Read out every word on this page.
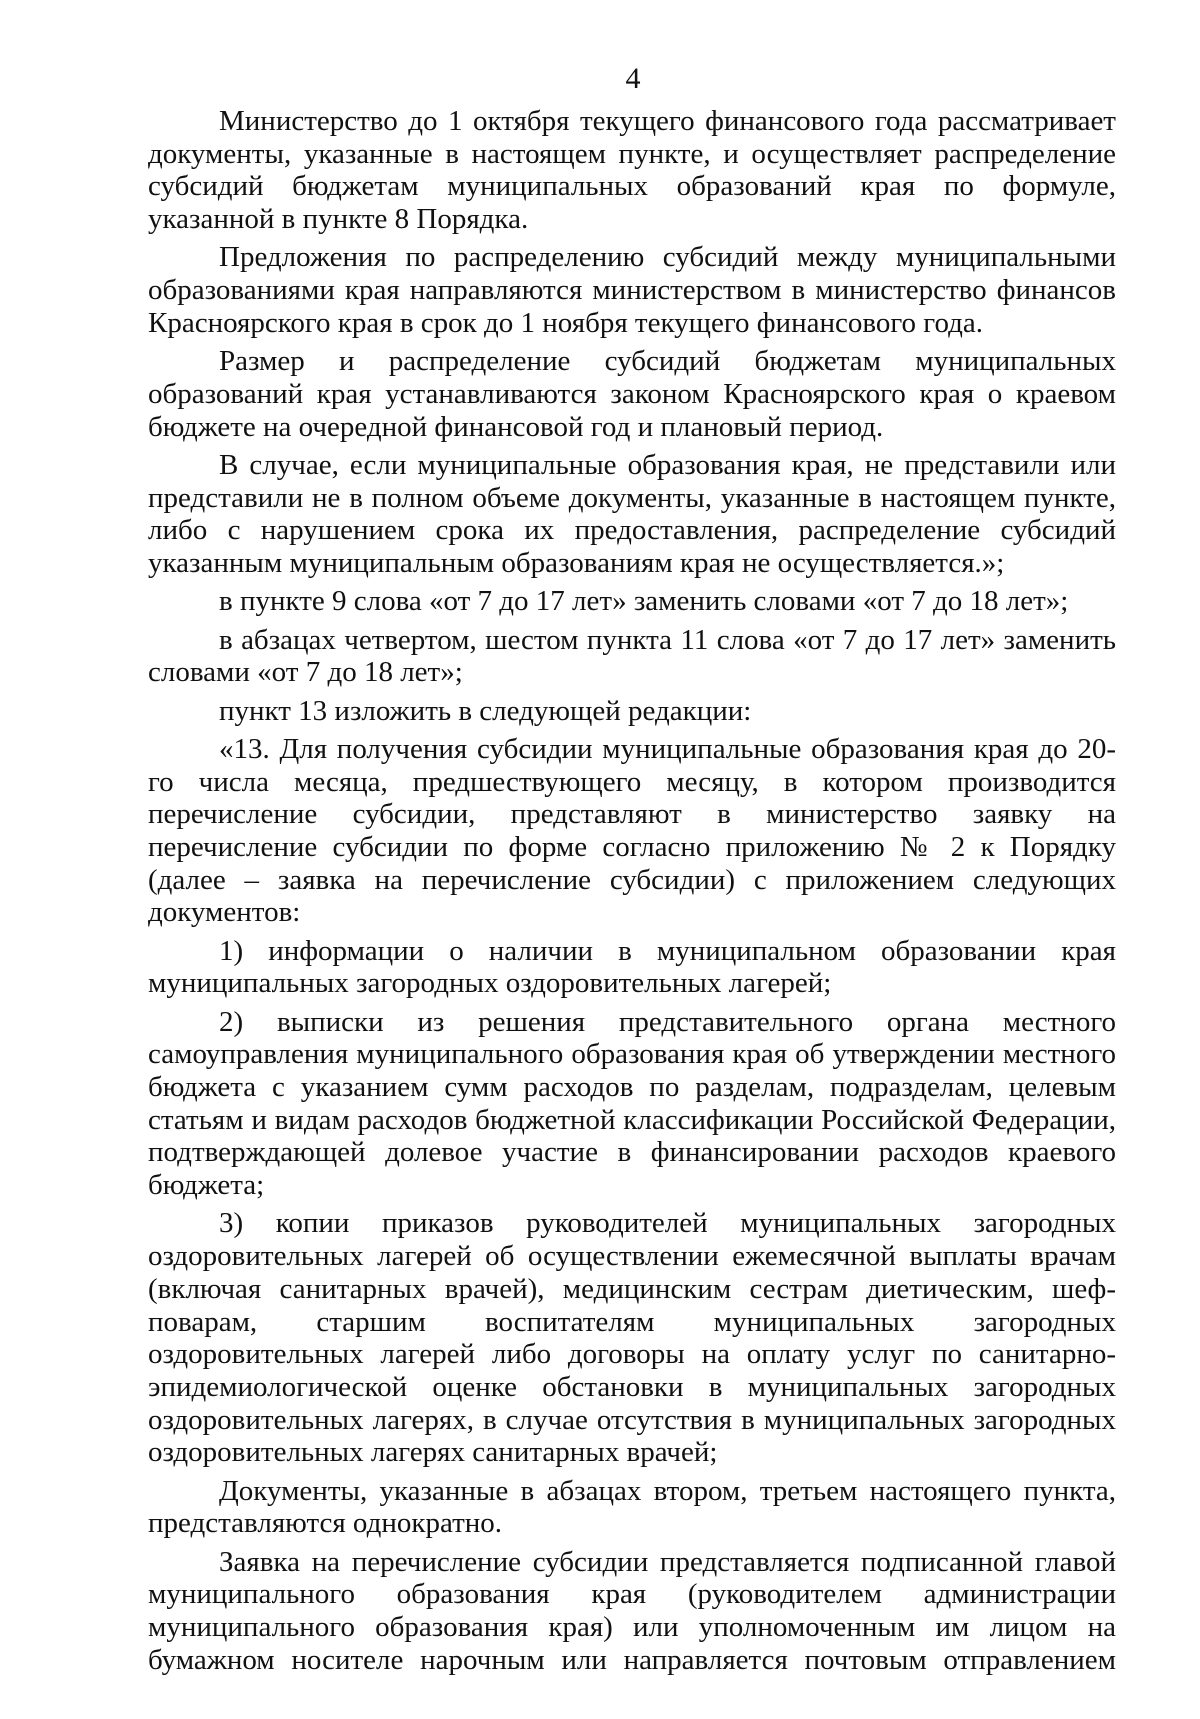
4

Министерство до 1 октября текущего финансового года рассматривает документы, указанные в настоящем пункте, и осуществляет распределение субсидий бюджетам муниципальных образований края по формуле, указанной в пункте 8 Порядка.

Предложения по распределению субсидий между муниципальными образованиями края направляются министерством в министерство финансов Красноярского края в срок до 1 ноября текущего финансового года.

Размер и распределение субсидий бюджетам муниципальных образований края устанавливаются законом Красноярского края о краевом бюджете на очередной финансовой год и плановый период.

В случае, если муниципальные образования края, не представили или представили не в полном объеме документы, указанные в настоящем пункте, либо с нарушением срока их предоставления, распределение субсидий указанным муниципальным образованиям края не осуществляется.»;

в пункте 9 слова «от 7 до 17 лет» заменить словами «от 7 до 18 лет»;

в абзацах четвертом, шестом пункта 11 слова «от 7 до 17 лет» заменить словами «от 7 до 18 лет»;

пункт 13 изложить в следующей редакции:

«13. Для получения субсидии муниципальные образования края до 20-го числа месяца, предшествующего месяцу, в котором производится перечисление субсидии, представляют в министерство заявку на перечисление субсидии по форме согласно приложению № 2 к Порядку (далее – заявка на перечисление субсидии) с приложением следующих документов:

1) информации о наличии в муниципальном образовании края муниципальных загородных оздоровительных лагерей;

2) выписки из решения представительного органа местного самоуправления муниципального образования края об утверждении местного бюджета с указанием сумм расходов по разделам, подразделам, целевым статьям и видам расходов бюджетной классификации Российской Федерации, подтверждающей долевое участие в финансировании расходов краевого бюджета;

3) копии приказов руководителей муниципальных загородных оздоровительных лагерей об осуществлении ежемесячной выплаты врачам (включая санитарных врачей), медицинским сестрам диетическим, шеф-поварам, старшим воспитателям муниципальных загородных оздоровительных лагерей либо договоры на оплату услуг по санитарно-эпидемиологической оценке обстановки в муниципальных загородных оздоровительных лагерях, в случае отсутствия в муниципальных загородных оздоровительных лагерях санитарных врачей;

Документы, указанные в абзацах втором, третьем настоящего пункта, представляются однократно.

Заявка на перечисление субсидии представляется подписанной главой муниципального образования края (руководителем администрации муниципального образования края) или уполномоченным им лицом на бумажном носителе нарочным или направляется почтовым отправлением
